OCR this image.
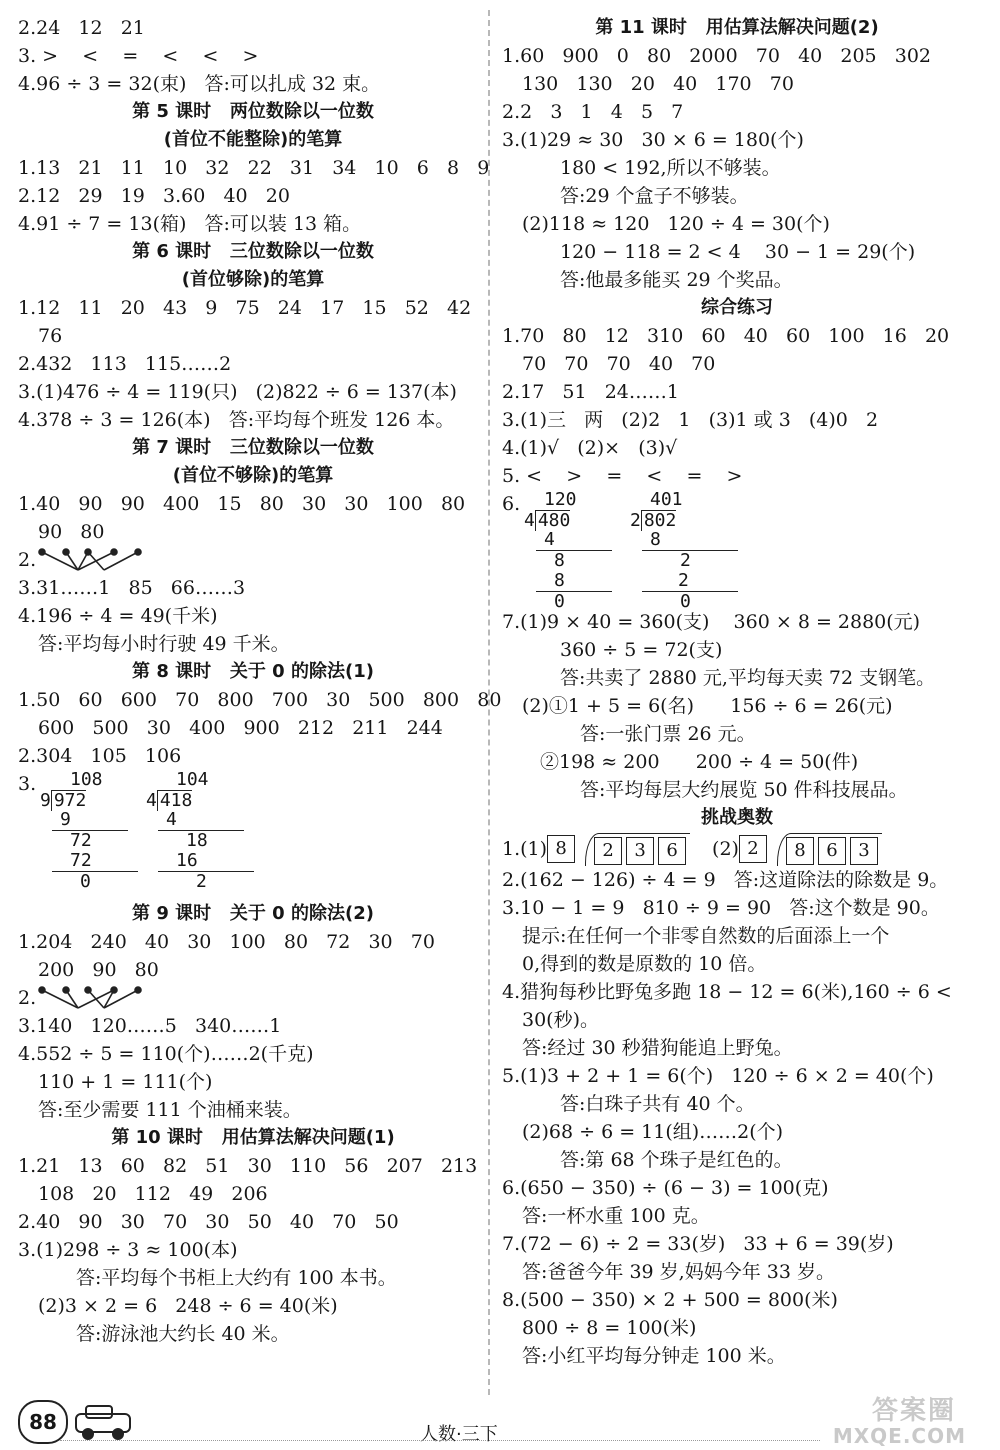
2.24   12   21
3. >    <    =    <    <    >
4.96 ÷ 3 = 32(束)   答:可以扎成 32 束。
第 5 课时   两位数除以一位数
(首位不能整除)的笔算
1.13   21   11   10   32   22   31   34   10   6   8   9
2.12   29   19   3.60   40   20
4.91 ÷ 7 = 13(箱)   答:可以装 13 箱。
第 6 课时   三位数除以一位数
(首位够除)的笔算
1.12   11   20   43   9   75   24   17   15   52   42
76
2.432   113   115……2
3.(1)476 ÷ 4 = 119(只)   (2)822 ÷ 6 = 137(本)
4.378 ÷ 3 = 126(本)   答:平均每个班发 126 本。
第 7 课时   三位数除以一位数
(首位不够除)的笔算
1.40   90   90   400   15   80   30   30   100   80
90   80
2.
3.31……1   85   66……3
4.196 ÷ 4 = 49(千米)
答:平均每小时行驶 49 千米。
第 8 课时   关于 0 的除法(1)
1.50   60   600   70   800   700   30   500   800   80
600   500   30   400   900   212   211   244
2.304   105   106
3.	108
9 972
9
72
72
0
104
4 418
4
18
16
2
第 9 课时   关于 0 的除法(2)
1.204   240   40   30   100   80   72   30   70
200   90   80
2.
3.140   120……5   340……1
4.552 ÷ 5 = 110(个)……2(千克)
110 + 1 = 111(个)
答:至少需要 111 个油桶来装。
第 10 课时   用估算法解决问题(1)
1.21   13   60   82   51   30   110   56   207   213
108   20   112   49   206
2.40   90   30   70   30   50   40   70   50
3.(1)298 ÷ 3 ≈ 100(本)
答:平均每个书柜上大约有 100 本书。
(2)3 × 2 = 6   248 ÷ 6 = 40(米)
答:游泳池大约长 40 米。
第 11 课时   用估算法解决问题(2)
1.60   900   0   80   2000   70   40   205   302
130   130   20   40   170   70
2.2   3   1   4   5   7
3.(1)29 ≈ 30   30 × 6 = 180(个)
180 < 192,所以不够装。
答:29 个盒子不够装。
(2)118 ≈ 120   120 ÷ 4 = 30(个)
120 − 118 = 2 < 4    30 − 1 = 29(个)
答:他最多能买 29 个奖品。
综合练习
1.70   80   12   310   60   40   60   100   16   20
70   70   70   40   70
2.17   51   24……1
3.(1)三   两   (2)2   1   (3)1 或 3   (4)0   2
4.(1)√   (2)×   (3)√
5. <    >    =    <    =    >
6.	120
4 480
4
8
8
0
401
2 802
8
2
2
0
7.(1)9 × 40 = 360(支)    360 × 8 = 2880(元)
360 ÷ 5 = 72(支)
答:共卖了 2880 元,平均每天卖 72 支钢笔。
(2)①1 + 5 = 6(名)      156 ÷ 6 = 26(元)
答:一张门票 26 元。
②198 ≈ 200      200 ÷ 4 = 50(件)
答:平均每层大约展览 50 件科技展品。
挑战奥数
1.(1) 8	2 3 6	(2) 2	8 6 3
2.(162 − 126) ÷ 4 = 9   答:这道除法的除数是 9。
3.10 − 1 = 9   810 ÷ 9 = 90   答:这个数是 90。
提示:在任何一个非零自然数的后面添上一个
0,得到的数是原数的 10 倍。
4.猎狗每秒比野兔多跑 18 − 12 = 6(米),160 ÷ 6 <
30(秒)。
答:经过 30 秒猎狗能追上野兔。
5.(1)3 + 2 + 1 = 6(个)   120 ÷ 6 × 2 = 40(个)
答:白珠子共有 40 个。
(2)68 ÷ 6 = 11(组)……2(个)
答:第 68 个珠子是红色的。
6.(650 − 350) ÷ (6 − 3) = 100(克)
答:一杯水重 100 克。
7.(72 − 6) ÷ 2 = 33(岁)   33 + 6 = 39(岁)
答:爸爸今年 39 岁,妈妈今年 33 岁。
8.(500 − 350) × 2 + 500 = 800(米)
800 ÷ 8 = 100(米)
答:小红平均每分钟走 100 米。
88
人数·三下
答案圈
MXQE.COM
